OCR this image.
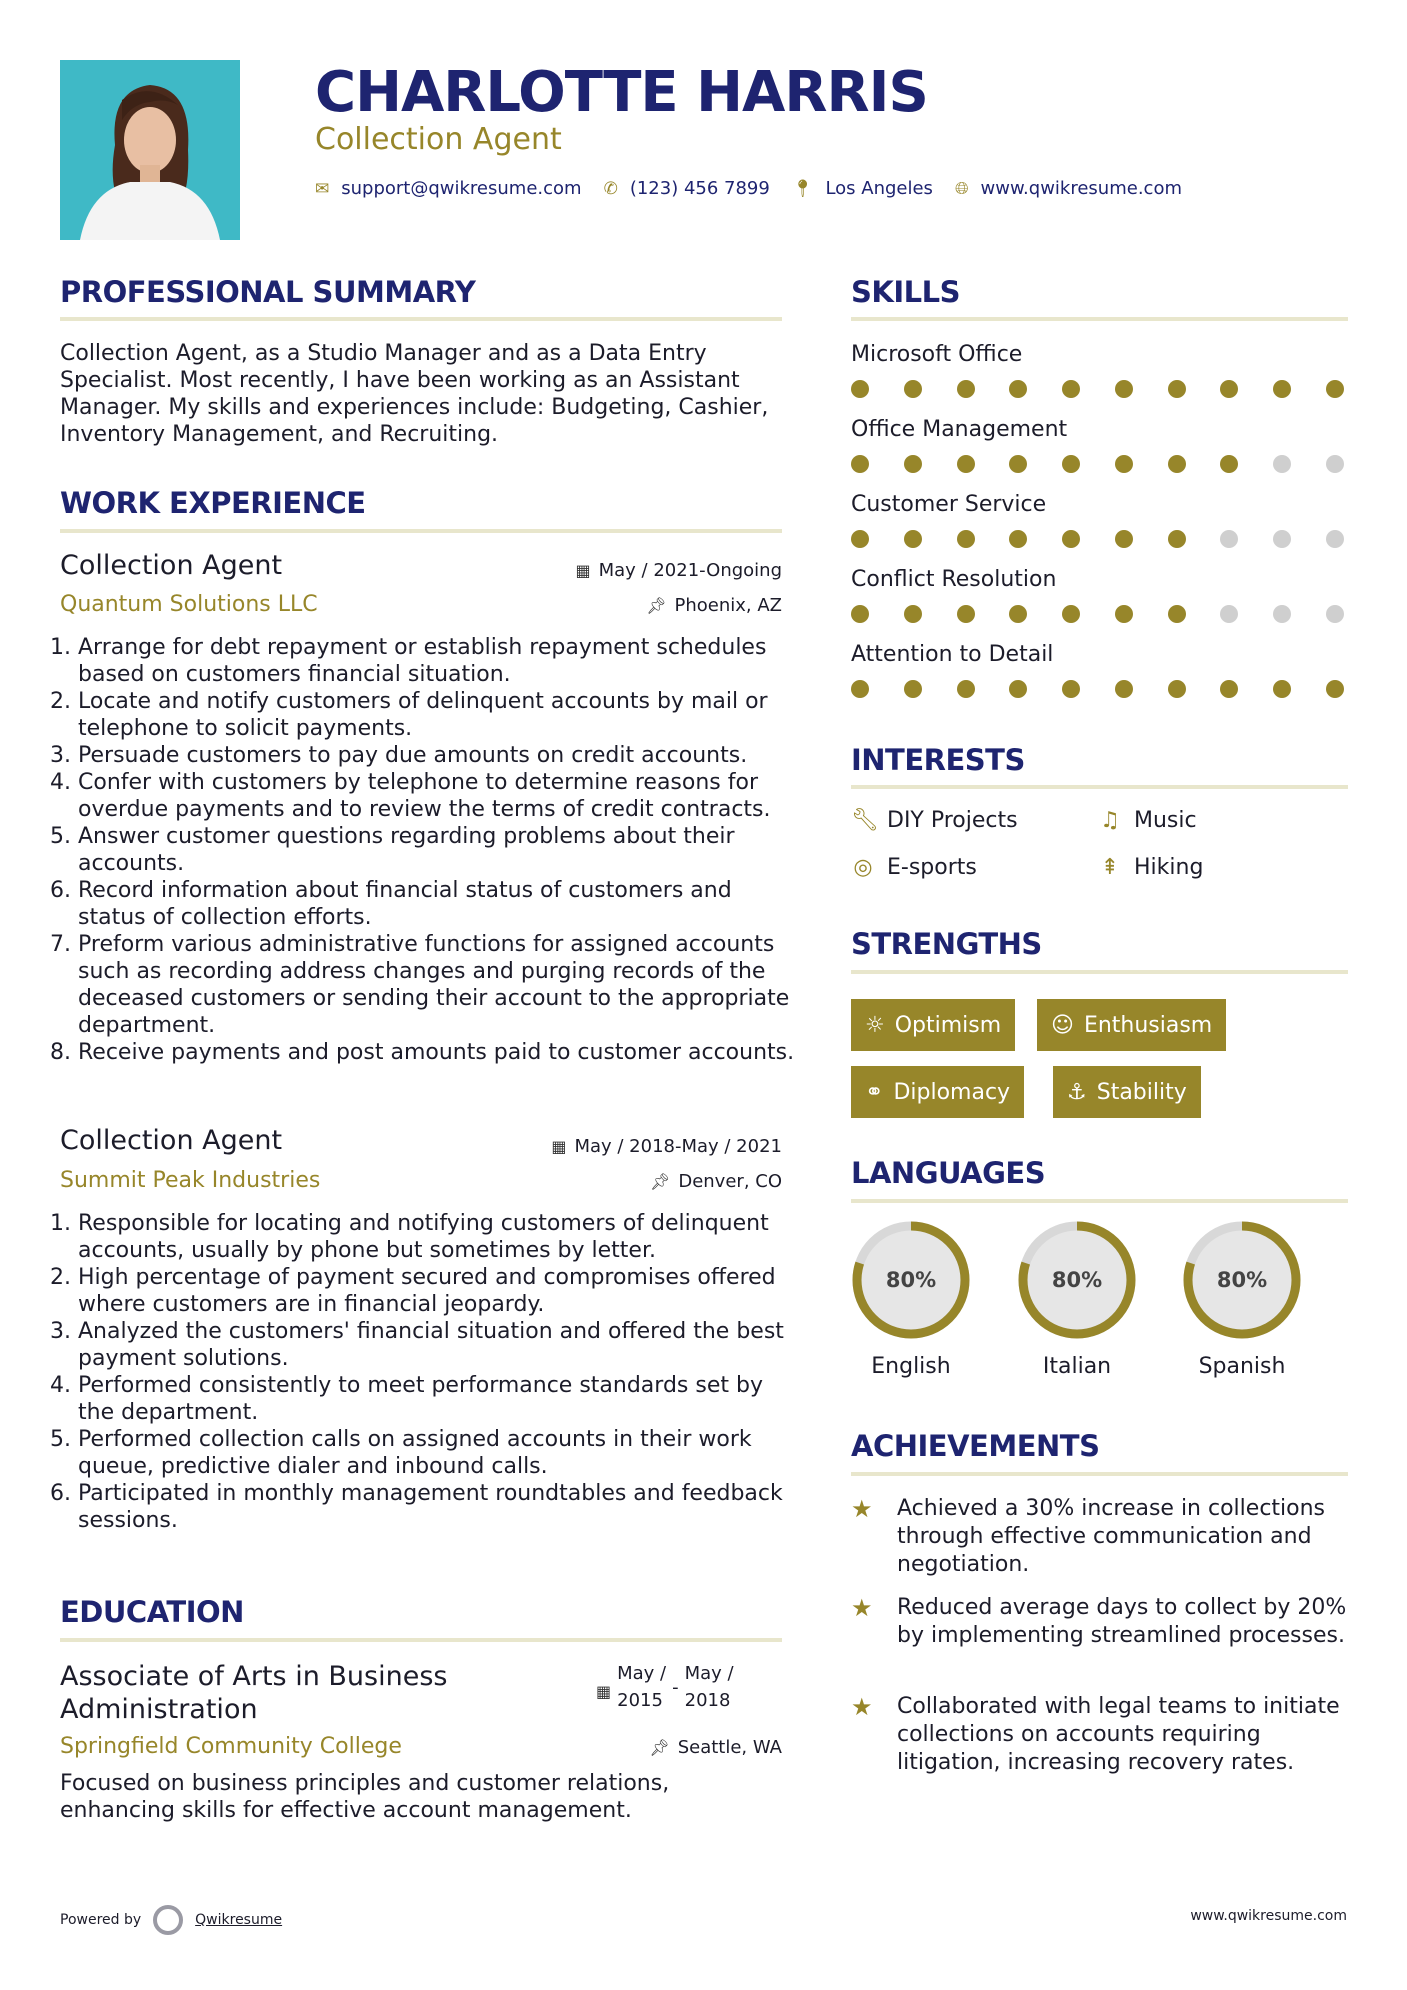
CHARLOTTE HARRIS
Collection Agent
✉ support@qwikresume.com ✆ (123) 456 7899 📍︎ Los Angeles 🌐︎ www.qwikresume.com
PROFESSIONAL SUMMARY
Collection Agent, as a Studio Manager and as a Data Entry Specialist. Most recently, I have been working as an Assistant Manager. My skills and experiences include: Budgeting, Cashier, Inventory Management, and Recruiting.
WORK EXPERIENCE
Collection Agent
Quantum Solutions LLC
▦ May / 2021-Ongoing
📌︎ Phoenix, AZ
1. Arrange for debt repayment or establish repayment schedules based on customers financial situation.
2. Locate and notify customers of delinquent accounts by mail or telephone to solicit payments.
3. Persuade customers to pay due amounts on credit accounts.
4. Confer with customers by telephone to determine reasons for overdue payments and to review the terms of credit contracts.
5. Answer customer questions regarding problems about their accounts.
6. Record information about financial status of customers and status of collection efforts.
7. Preform various administrative functions for assigned accounts such as recording address changes and purging records of the deceased customers or sending their account to the appropriate department.
8. Receive payments and post amounts paid to customer accounts.
Collection Agent
Summit Peak Industries
▦ May / 2018-May / 2021
📌︎ Denver, CO
1. Responsible for locating and notifying customers of delinquent accounts, usually by phone but sometimes by letter.
2. High percentage of payment secured and compromises offered where customers are in financial jeopardy.
3. Analyzed the customers' financial situation and offered the best payment solutions.
4. Performed consistently to meet performance standards set by the department.
5. Performed collection calls on assigned accounts in their work queue, predictive dialer and inbound calls.
6. Participated in monthly management roundtables and feedback sessions.
EDUCATION
Associate of Arts in Business Administration
▦
May /
2015
-
May /
2018
Springfield Community College	📌︎ Seattle, WA
Focused on business principles and customer relations, enhancing skills for effective account management.
SKILLS
Microsoft Office
Office Management
Customer Service
Conflict Resolution
Attention to Detail
INTERESTS
🔧︎ DIY Projects	♫ Music
◎ E-sports	⇞ Hiking
STRENGTHS
☼ Optimism ☺ Enthusiasm
⚭ Diplomacy	⚓︎ Stability
LANGUAGES
80%
English
80%
Italian
80%
Spanish
ACHIEVEMENTS
★ Achieved a 30% increase in collections through effective communication and negotiation.
★ Reduced average days to collect by 20% by implementing streamlined processes.
★ Collaborated with legal teams to initiate collections on accounts requiring litigation, increasing recovery rates.
Powered by	Qwikresume	www.qwikresume.com
